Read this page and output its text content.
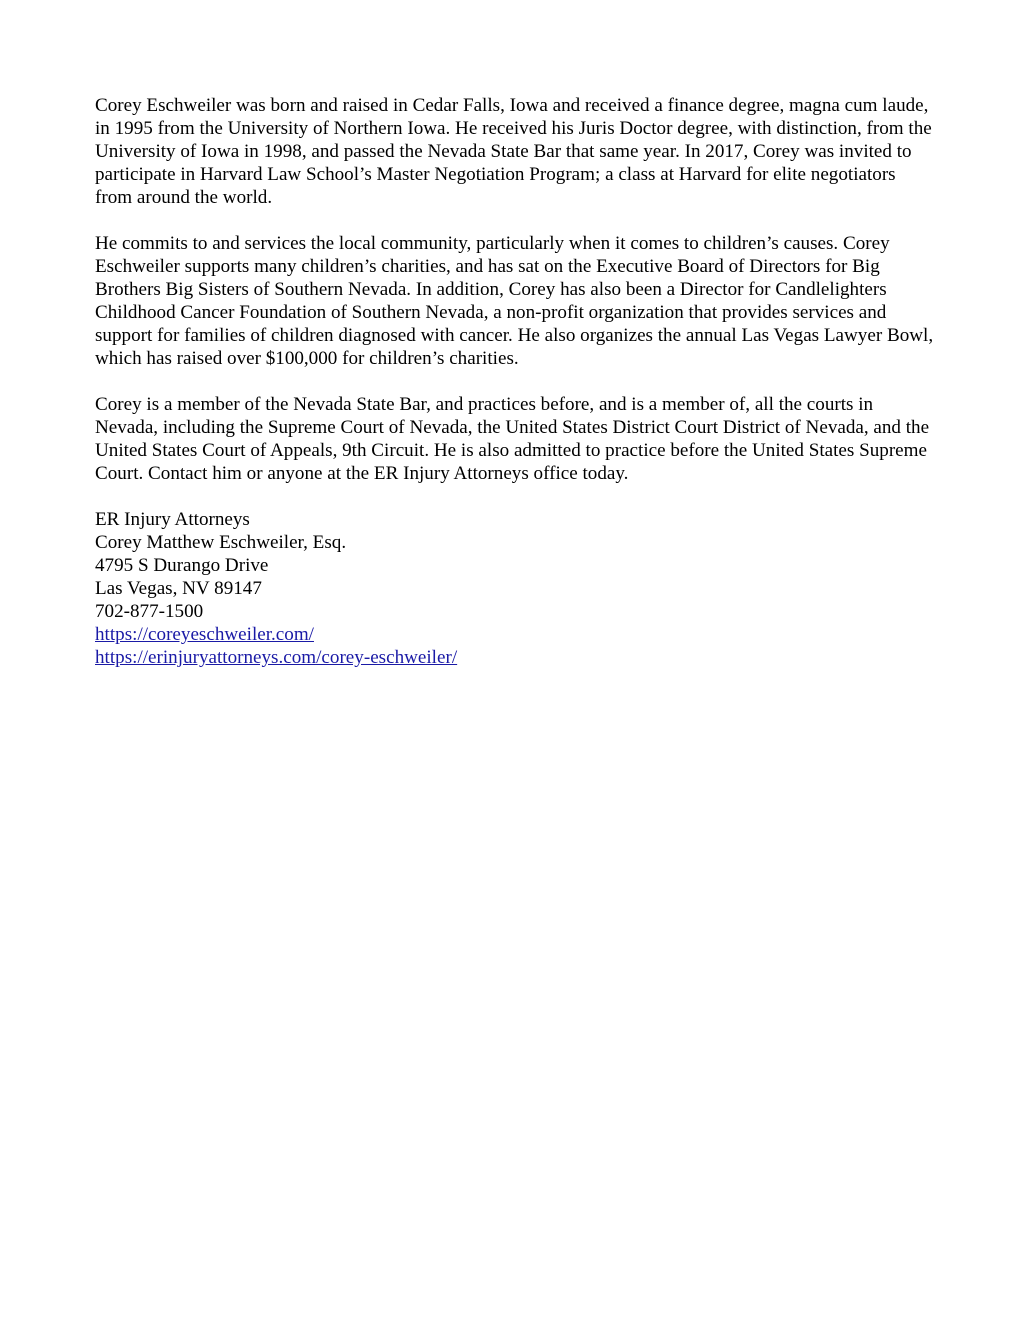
Corey Eschweiler was born and raised in Cedar Falls, Iowa and received a finance degree, magna cum laude, in 1995 from the University of Northern Iowa. He received his Juris Doctor degree, with distinction, from the University of Iowa in 1998, and passed the Nevada State Bar that same year. In 2017, Corey was invited to participate in Harvard Law School’s Master Negotiation Program; a class at Harvard for elite negotiators from around the world.

He commits to and services the local community, particularly when it comes to children’s causes. Corey Eschweiler supports many children’s charities, and has sat on the Executive Board of Directors for Big Brothers Big Sisters of Southern Nevada. In addition, Corey has also been a Director for Candlelighters Childhood Cancer Foundation of Southern Nevada, a non-profit organization that provides services and support for families of children diagnosed with cancer. He also organizes the annual Las Vegas Lawyer Bowl, which has raised over $100,000 for children’s charities.

Corey is a member of the Nevada State Bar, and practices before, and is a member of, all the courts in Nevada, including the Supreme Court of Nevada, the United States District Court District of Nevada, and the United States Court of Appeals, 9th Circuit. He is also admitted to practice before the United States Supreme Court. Contact him or anyone at the ER Injury Attorneys office today.

ER Injury Attorneys
Corey Matthew Eschweiler, Esq.
4795 S Durango Drive
Las Vegas, NV 89147
702-877-1500
https://coreyeschweiler.com/
https://erinjuryattorneys.com/corey-eschweiler/
